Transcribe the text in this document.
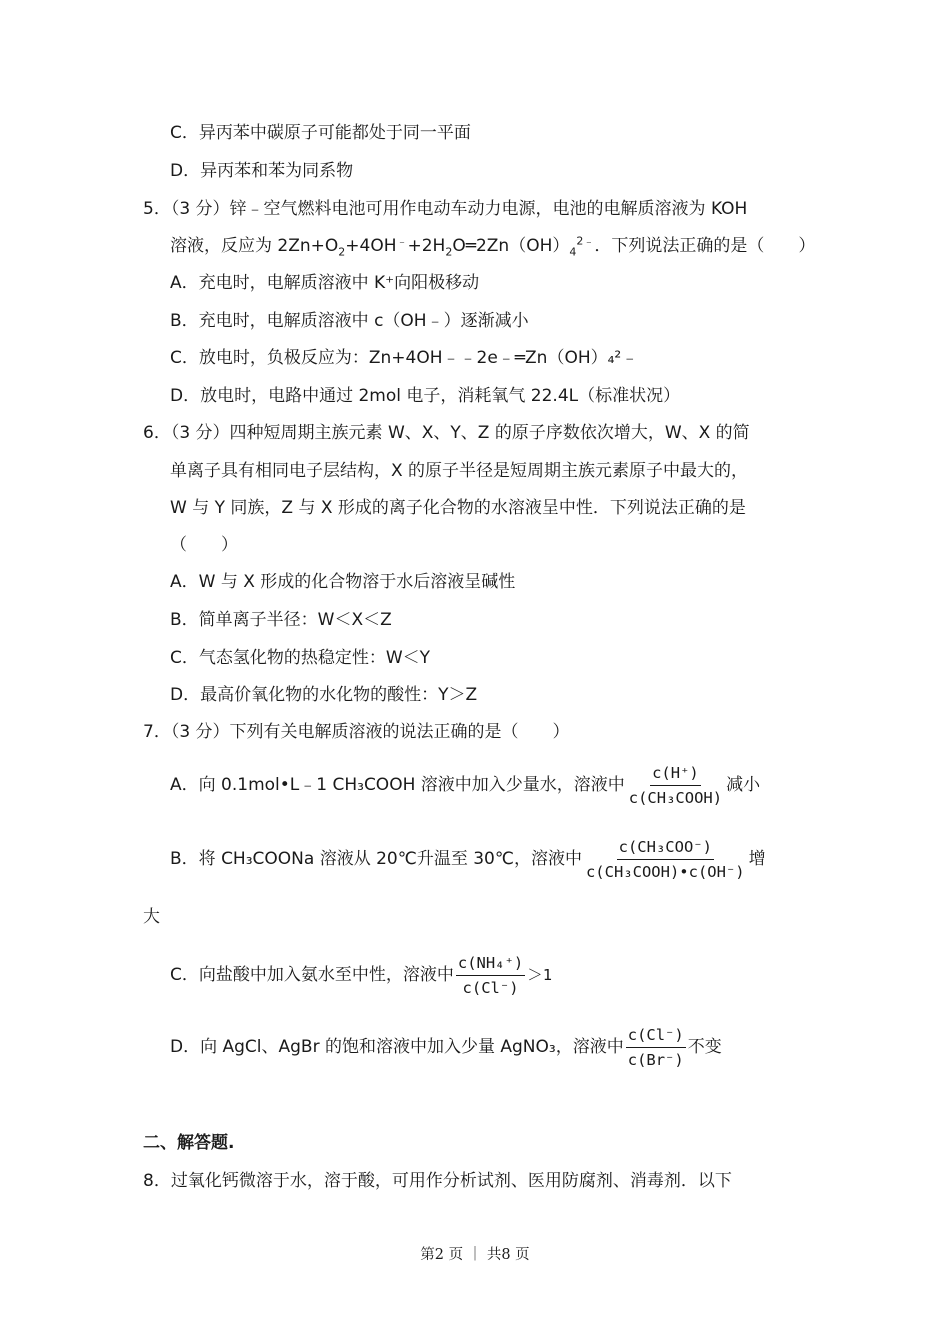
C．异丙苯中碳原子可能都处于同一平面
D．异丙苯和苯为同系物
5．（3 分）锌﹣空气燃料电池可用作电动车动力电源，电池的电解质溶液为 KOH
溶液，反应为 $2Zn+O_2+4OH^﹣+2H_2O═2Zn(OH)_4^{2﹣}$．下列说法正确的是（　　）
A．充电时，电解质溶液中 K⁺向阳极移动
B．充电时，电解质溶液中 c（OH﹣）逐渐减小
C．放电时，负极反应为：Zn+4OH﹣﹣2e﹣═Zn（OH）₄²﹣
D．放电时，电路中通过 2mol 电子，消耗氧气 22.4L（标准状况）
6．（3 分）四种短周期主族元素 W、X、Y、Z 的原子序数依次增大，W、X 的简
单离子具有相同电子层结构，X 的原子半径是短周期主族元素原子中最大的，
W 与 Y 同族，Z 与 X 形成的离子化合物的水溶液呈中性．下列说法正确的是
（　　）
A．W 与 X 形成的化合物溶于水后溶液呈碱性
B．简单离子半径：W＜X＜Z
C．气态氢化物的热稳定性：W＜Y
D．最高价氧化物的水化物的酸性：Y＞Z
7．（3 分）下列有关电解质溶液的说法正确的是（　　）
A．向 0.1mol•L﹣1 CH₃COOH 溶液中加入少量水，溶液中 $\frac{c(H^+)}{\text{c(CH₃COOH)}}$ 减小
B．将 CH₃COONa 溶液从 20℃升温至 30℃，溶液中 $\frac{\text{c(CH₃COO⁻)}}{\text{c(CH₃COOH)•c(OH⁻)}}$ 增
大
C．向盐酸中加入氨水至中性，溶液中 $\frac{\text{c(NH₄⁺)}}{c(Cl^-)} >1$
D．向 AgCl、AgBr 的饱和溶液中加入少量 AgNO₃，溶液中 $\frac{c(Cl^-)}{c(Br^-)}$ 不变
二、解答题.
8．过氧化钙微溶于水，溶于酸，可用作分析试剂、医用防腐剂、消毒剂．以下
第2 页 ｜ 共8 页
